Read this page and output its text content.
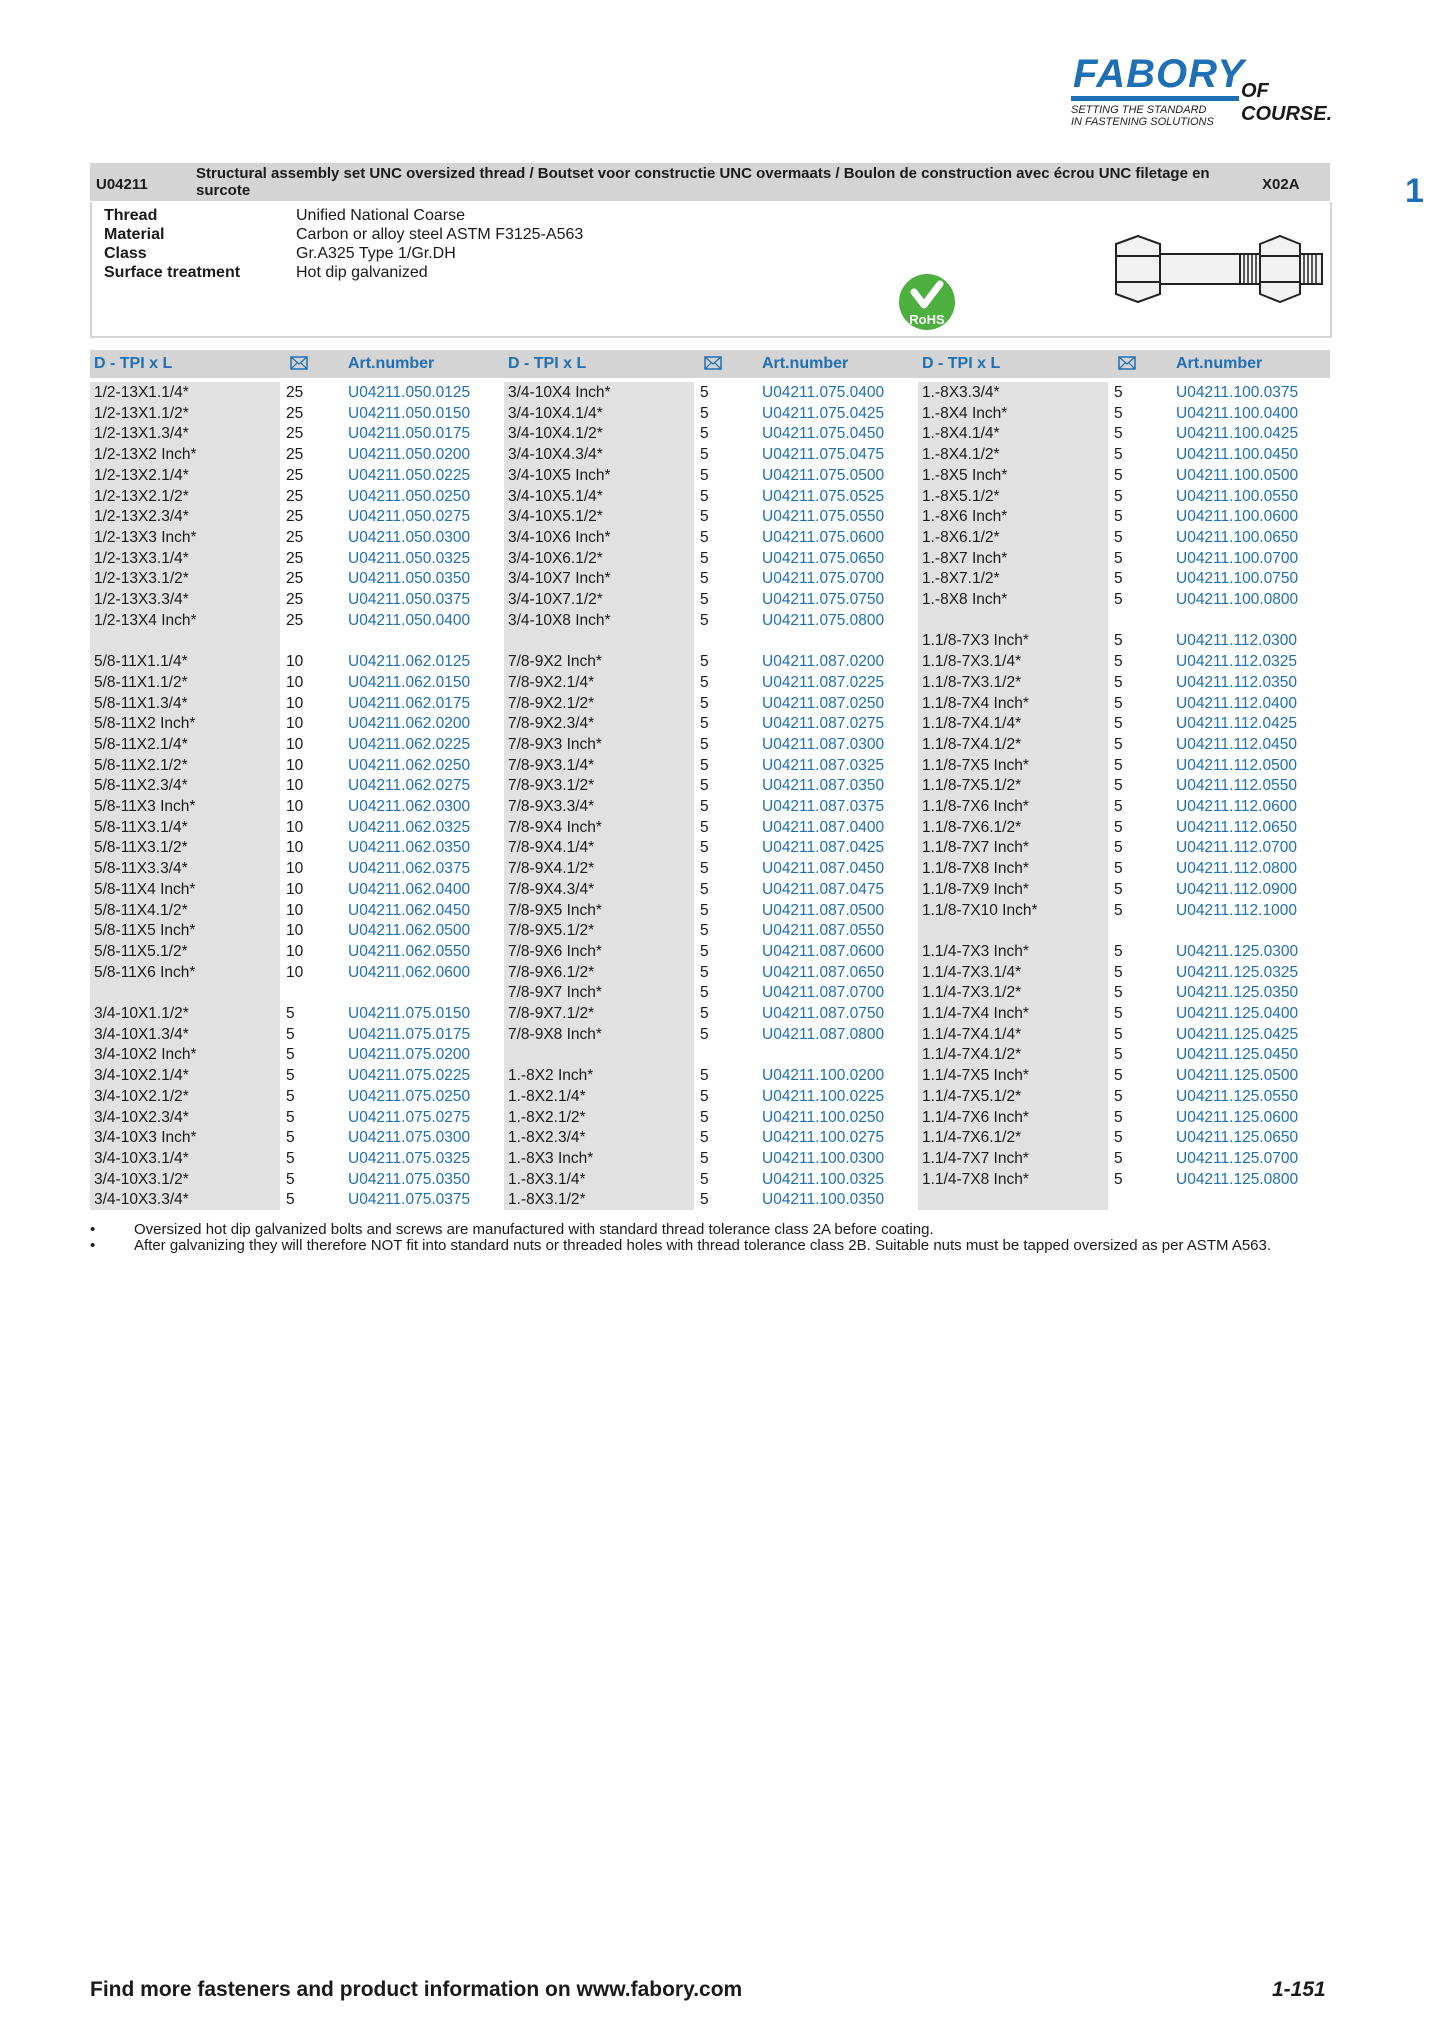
FABORY
OF COURSE.
SETTING THE STANDARD
IN FASTENING SOLUTIONS
1
U04211
Structural assembly set UNC oversized thread / Boutset voor constructie UNC overmaats / Boulon de construction avec écrou UNC filetage en surcote	X02A
Thread	Unified National Coarse
Material	Carbon or alloy steel ASTM F3125-A563
Class	Gr.A325 Type 1/Gr.DH
Surface treatment	Hot dip galvanized
RoHS
D - TPI x L	Art.number	D - TPI x L	Art.number	D - TPI x L	Art.number
1/2-13X1.1/4*	25	U04211.050.0125
1/2-13X1.1/2*	25	U04211.050.0150
1/2-13X1.3/4*	25	U04211.050.0175
1/2-13X2 Inch*	25	U04211.050.0200
1/2-13X2.1/4*	25	U04211.050.0225
1/2-13X2.1/2*	25	U04211.050.0250
1/2-13X2.3/4*	25	U04211.050.0275
1/2-13X3 Inch*	25	U04211.050.0300
1/2-13X3.1/4*	25	U04211.050.0325
1/2-13X3.1/2*	25	U04211.050.0350
1/2-13X3.3/4*	25	U04211.050.0375
1/2-13X4 Inch*	25	U04211.050.0400
5/8-11X1.1/4*	10	U04211.062.0125
5/8-11X1.1/2*	10	U04211.062.0150
5/8-11X1.3/4*	10	U04211.062.0175
5/8-11X2 Inch*	10	U04211.062.0200
5/8-11X2.1/4*	10	U04211.062.0225
5/8-11X2.1/2*	10	U04211.062.0250
5/8-11X2.3/4*	10	U04211.062.0275
5/8-11X3 Inch*	10	U04211.062.0300
5/8-11X3.1/4*	10	U04211.062.0325
5/8-11X3.1/2*	10	U04211.062.0350
5/8-11X3.3/4*	10	U04211.062.0375
5/8-11X4 Inch*	10	U04211.062.0400
5/8-11X4.1/2*	10	U04211.062.0450
5/8-11X5 Inch*	10	U04211.062.0500
5/8-11X5.1/2*	10	U04211.062.0550
5/8-11X6 Inch*	10	U04211.062.0600
3/4-10X1.1/2*	5	U04211.075.0150
3/4-10X1.3/4*	5	U04211.075.0175
3/4-10X2 Inch*	5	U04211.075.0200
3/4-10X2.1/4*	5	U04211.075.0225
3/4-10X2.1/2*	5	U04211.075.0250
3/4-10X2.3/4*	5	U04211.075.0275
3/4-10X3 Inch*	5	U04211.075.0300
3/4-10X3.1/4*	5	U04211.075.0325
3/4-10X3.1/2*	5	U04211.075.0350
3/4-10X3.3/4*	5	U04211.075.0375
3/4-10X4 Inch*	5	U04211.075.0400
3/4-10X4.1/4*	5	U04211.075.0425
3/4-10X4.1/2*	5	U04211.075.0450
3/4-10X4.3/4*	5	U04211.075.0475
3/4-10X5 Inch*	5	U04211.075.0500
3/4-10X5.1/4*	5	U04211.075.0525
3/4-10X5.1/2*	5	U04211.075.0550
3/4-10X6 Inch*	5	U04211.075.0600
3/4-10X6.1/2*	5	U04211.075.0650
3/4-10X7 Inch*	5	U04211.075.0700
3/4-10X7.1/2*	5	U04211.075.0750
3/4-10X8 Inch*	5	U04211.075.0800
7/8-9X2 Inch*	5	U04211.087.0200
7/8-9X2.1/4*	5	U04211.087.0225
7/8-9X2.1/2*	5	U04211.087.0250
7/8-9X2.3/4*	5	U04211.087.0275
7/8-9X3 Inch*	5	U04211.087.0300
7/8-9X3.1/4*	5	U04211.087.0325
7/8-9X3.1/2*	5	U04211.087.0350
7/8-9X3.3/4*	5	U04211.087.0375
7/8-9X4 Inch*	5	U04211.087.0400
7/8-9X4.1/4*	5	U04211.087.0425
7/8-9X4.1/2*	5	U04211.087.0450
7/8-9X4.3/4*	5	U04211.087.0475
7/8-9X5 Inch*	5	U04211.087.0500
7/8-9X5.1/2*	5	U04211.087.0550
7/8-9X6 Inch*	5	U04211.087.0600
7/8-9X6.1/2*	5	U04211.087.0650
7/8-9X7 Inch*	5	U04211.087.0700
7/8-9X7.1/2*	5	U04211.087.0750
7/8-9X8 Inch*	5	U04211.087.0800
1.-8X2 Inch*	5	U04211.100.0200
1.-8X2.1/4*	5	U04211.100.0225
1.-8X2.1/2*	5	U04211.100.0250
1.-8X2.3/4*	5	U04211.100.0275
1.-8X3 Inch*	5	U04211.100.0300
1.-8X3.1/4*	5	U04211.100.0325
1.-8X3.1/2*	5	U04211.100.0350
1.-8X3.3/4*	5	U04211.100.0375
1.-8X4 Inch*	5	U04211.100.0400
1.-8X4.1/4*	5	U04211.100.0425
1.-8X4.1/2*	5	U04211.100.0450
1.-8X5 Inch*	5	U04211.100.0500
1.-8X5.1/2*	5	U04211.100.0550
1.-8X6 Inch*	5	U04211.100.0600
1.-8X6.1/2*	5	U04211.100.0650
1.-8X7 Inch*	5	U04211.100.0700
1.-8X7.1/2*	5	U04211.100.0750
1.-8X8 Inch*	5	U04211.100.0800
1.1/8-7X3 Inch*	5	U04211.112.0300
1.1/8-7X3.1/4*	5	U04211.112.0325
1.1/8-7X3.1/2*	5	U04211.112.0350
1.1/8-7X4 Inch*	5	U04211.112.0400
1.1/8-7X4.1/4*	5	U04211.112.0425
1.1/8-7X4.1/2*	5	U04211.112.0450
1.1/8-7X5 Inch*	5	U04211.112.0500
1.1/8-7X5.1/2*	5	U04211.112.0550
1.1/8-7X6 Inch*	5	U04211.112.0600
1.1/8-7X6.1/2*	5	U04211.112.0650
1.1/8-7X7 Inch*	5	U04211.112.0700
1.1/8-7X8 Inch*	5	U04211.112.0800
1.1/8-7X9 Inch*	5	U04211.112.0900
1.1/8-7X10 Inch*	5	U04211.112.1000
1.1/4-7X3 Inch*	5	U04211.125.0300
1.1/4-7X3.1/4*	5	U04211.125.0325
1.1/4-7X3.1/2*	5	U04211.125.0350
1.1/4-7X4 Inch*	5	U04211.125.0400
1.1/4-7X4.1/4*	5	U04211.125.0425
1.1/4-7X4.1/2*	5	U04211.125.0450
1.1/4-7X5 Inch*	5	U04211.125.0500
1.1/4-7X5.1/2*	5	U04211.125.0550
1.1/4-7X6 Inch*	5	U04211.125.0600
1.1/4-7X6.1/2*	5	U04211.125.0650
1.1/4-7X7 Inch*	5	U04211.125.0700
1.1/4-7X8 Inch*	5	U04211.125.0800

•	Oversized hot dip galvanized bolts and screws are manufactured with standard thread tolerance class 2A before coating.

•	After galvanizing they will therefore NOT fit into standard nuts or threaded holes with thread tolerance class 2B. Suitable nuts must be tapped oversized as per ASTM A563.

Find more fasteners and product information on www.fabory.com	1-151
